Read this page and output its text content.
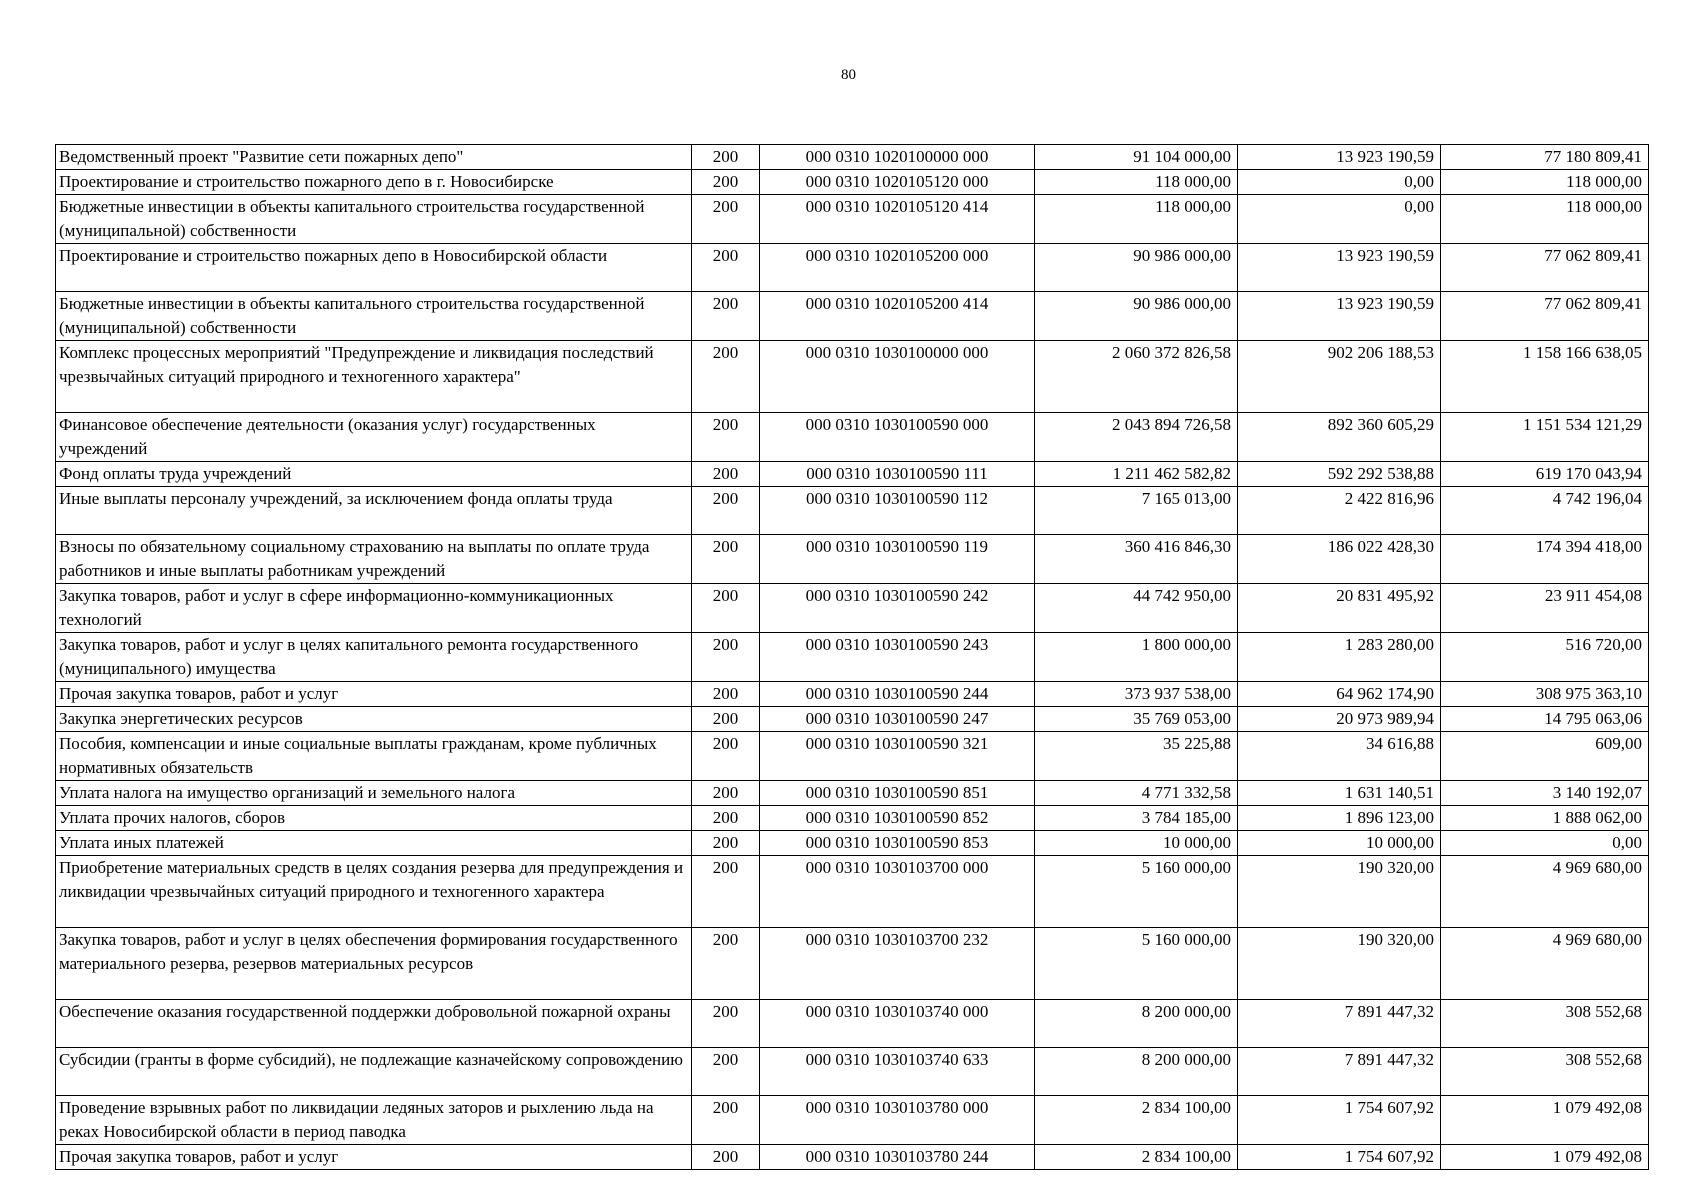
80
Ведомственный проект "Развитие сети пожарных депо"	200	000 0310 1020100000 000	91 104 000,00	13 923 190,59	77 180 809,41
Проектирование и строительство пожарного депо в г. Новосибирске	200	000 0310 1020105120 000	118 000,00	0,00	118 000,00
Бюджетные инвестиции в объекты капитального строительства государственной (муниципальной) собственности	200	000 0310 1020105120 414	118 000,00	0,00	118 000,00
Проектирование и строительство пожарных депо в Новосибирской области	200	000 0310 1020105200 000	90 986 000,00	13 923 190,59	77 062 809,41
Бюджетные инвестиции в объекты капитального строительства государственной (муниципальной) собственности	200	000 0310 1020105200 414	90 986 000,00	13 923 190,59	77 062 809,41
Комплекс процессных мероприятий "Предупреждение и ликвидация последствий чрезвычайных ситуаций природного и техногенного характера"	200	000 0310 1030100000 000	2 060 372 826,58	902 206 188,53	1 158 166 638,05
Финансовое обеспечение деятельности (оказания услуг) государственных учреждений	200	000 0310 1030100590 000	2 043 894 726,58	892 360 605,29	1 151 534 121,29
Фонд оплаты труда учреждений	200	000 0310 1030100590 111	1 211 462 582,82	592 292 538,88	619 170 043,94
Иные выплаты персоналу учреждений, за исключением фонда оплаты труда	200	000 0310 1030100590 112	7 165 013,00	2 422 816,96	4 742 196,04
Взносы по обязательному социальному страхованию на выплаты по оплате труда работников и иные выплаты работникам учреждений	200	000 0310 1030100590 119	360 416 846,30	186 022 428,30	174 394 418,00
Закупка товаров, работ и услуг в сфере информационно-коммуникационных технологий	200	000 0310 1030100590 242	44 742 950,00	20 831 495,92	23 911 454,08
Закупка товаров, работ и услуг в целях капитального ремонта государственного (муниципального) имущества	200	000 0310 1030100590 243	1 800 000,00	1 283 280,00	516 720,00
Прочая закупка товаров, работ и услуг	200	000 0310 1030100590 244	373 937 538,00	64 962 174,90	308 975 363,10
Закупка энергетических ресурсов	200	000 0310 1030100590 247	35 769 053,00	20 973 989,94	14 795 063,06
Пособия, компенсации и иные социальные выплаты гражданам, кроме публичных нормативных обязательств	200	000 0310 1030100590 321	35 225,88	34 616,88	609,00
Уплата налога на имущество организаций и земельного налога	200	000 0310 1030100590 851	4 771 332,58	1 631 140,51	3 140 192,07
Уплата прочих налогов, сборов	200	000 0310 1030100590 852	3 784 185,00	1 896 123,00	1 888 062,00
Уплата иных платежей	200	000 0310 1030100590 853	10 000,00	10 000,00	0,00
Приобретение материальных средств в целях создания резерва для предупреждения и ликвидации чрезвычайных ситуаций природного и техногенного характера	200	000 0310 1030103700 000	5 160 000,00	190 320,00	4 969 680,00
Закупка товаров, работ и услуг в целях обеспечения формирования государственного материального резерва, резервов материальных ресурсов	200	000 0310 1030103700 232	5 160 000,00	190 320,00	4 969 680,00
Обеспечение оказания государственной поддержки добровольной пожарной охраны	200	000 0310 1030103740 000	8 200 000,00	7 891 447,32	308 552,68
Субсидии (гранты в форме субсидий), не подлежащие казначейскому сопровождению	200	000 0310 1030103740 633	8 200 000,00	7 891 447,32	308 552,68
Проведение взрывных работ по ликвидации ледяных заторов и рыхлению льда на реках Новосибирской области в период паводка	200	000 0310 1030103780 000	2 834 100,00	1 754 607,92	1 079 492,08
Прочая закупка товаров, работ и услуг	200	000 0310 1030103780 244	2 834 100,00	1 754 607,92	1 079 492,08
